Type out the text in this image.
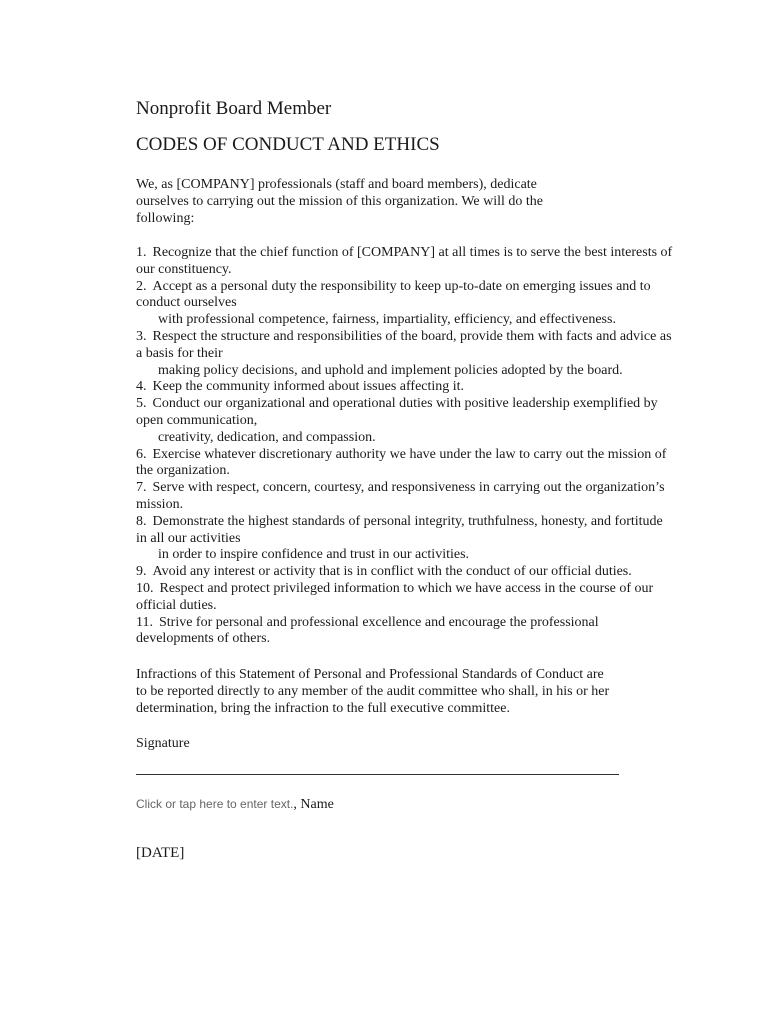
Nonprofit Board Member
CODES OF CONDUCT AND ETHICS

We, as [COMPANY] professionals (staff and board members), dedicate ourselves to carrying out the mission of this organization. We will do the following:

1. Recognize that the chief function of [COMPANY] at all times is to serve the best interests of our constituency.

2. Accept as a personal duty the responsibility to keep up-to-date on emerging issues and to conduct ourselves
with professional competence, fairness, impartiality, efficiency, and effectiveness.

3. Respect the structure and responsibilities of the board, provide them with facts and advice as a basis for their
making policy decisions, and uphold and implement policies adopted by the board.

4. Keep the community informed about issues affecting it.

5. Conduct our organizational and operational duties with positive leadership exemplified by open communication,
creativity, dedication, and compassion.

6. Exercise whatever discretionary authority we have under the law to carry out the mission of the organization.

7. Serve with respect, concern, courtesy, and responsiveness in carrying out the organization’s mission.

8. Demonstrate the highest standards of personal integrity, truthfulness, honesty, and fortitude in all our activities
in order to inspire confidence and trust in our activities.

9. Avoid any interest or activity that is in conflict with the conduct of our official duties.

10. Respect and protect privileged information to which we have access in the course of our official duties.

11. Strive for personal and professional excellence and encourage the professional developments of others.

Infractions of this Statement of Personal and Professional Standards of Conduct are to be reported directly to any member of the audit committee who shall, in his or her determination, bring the infraction to the full executive committee.

Signature

Click or tap here to enter text., Name

[DATE]
